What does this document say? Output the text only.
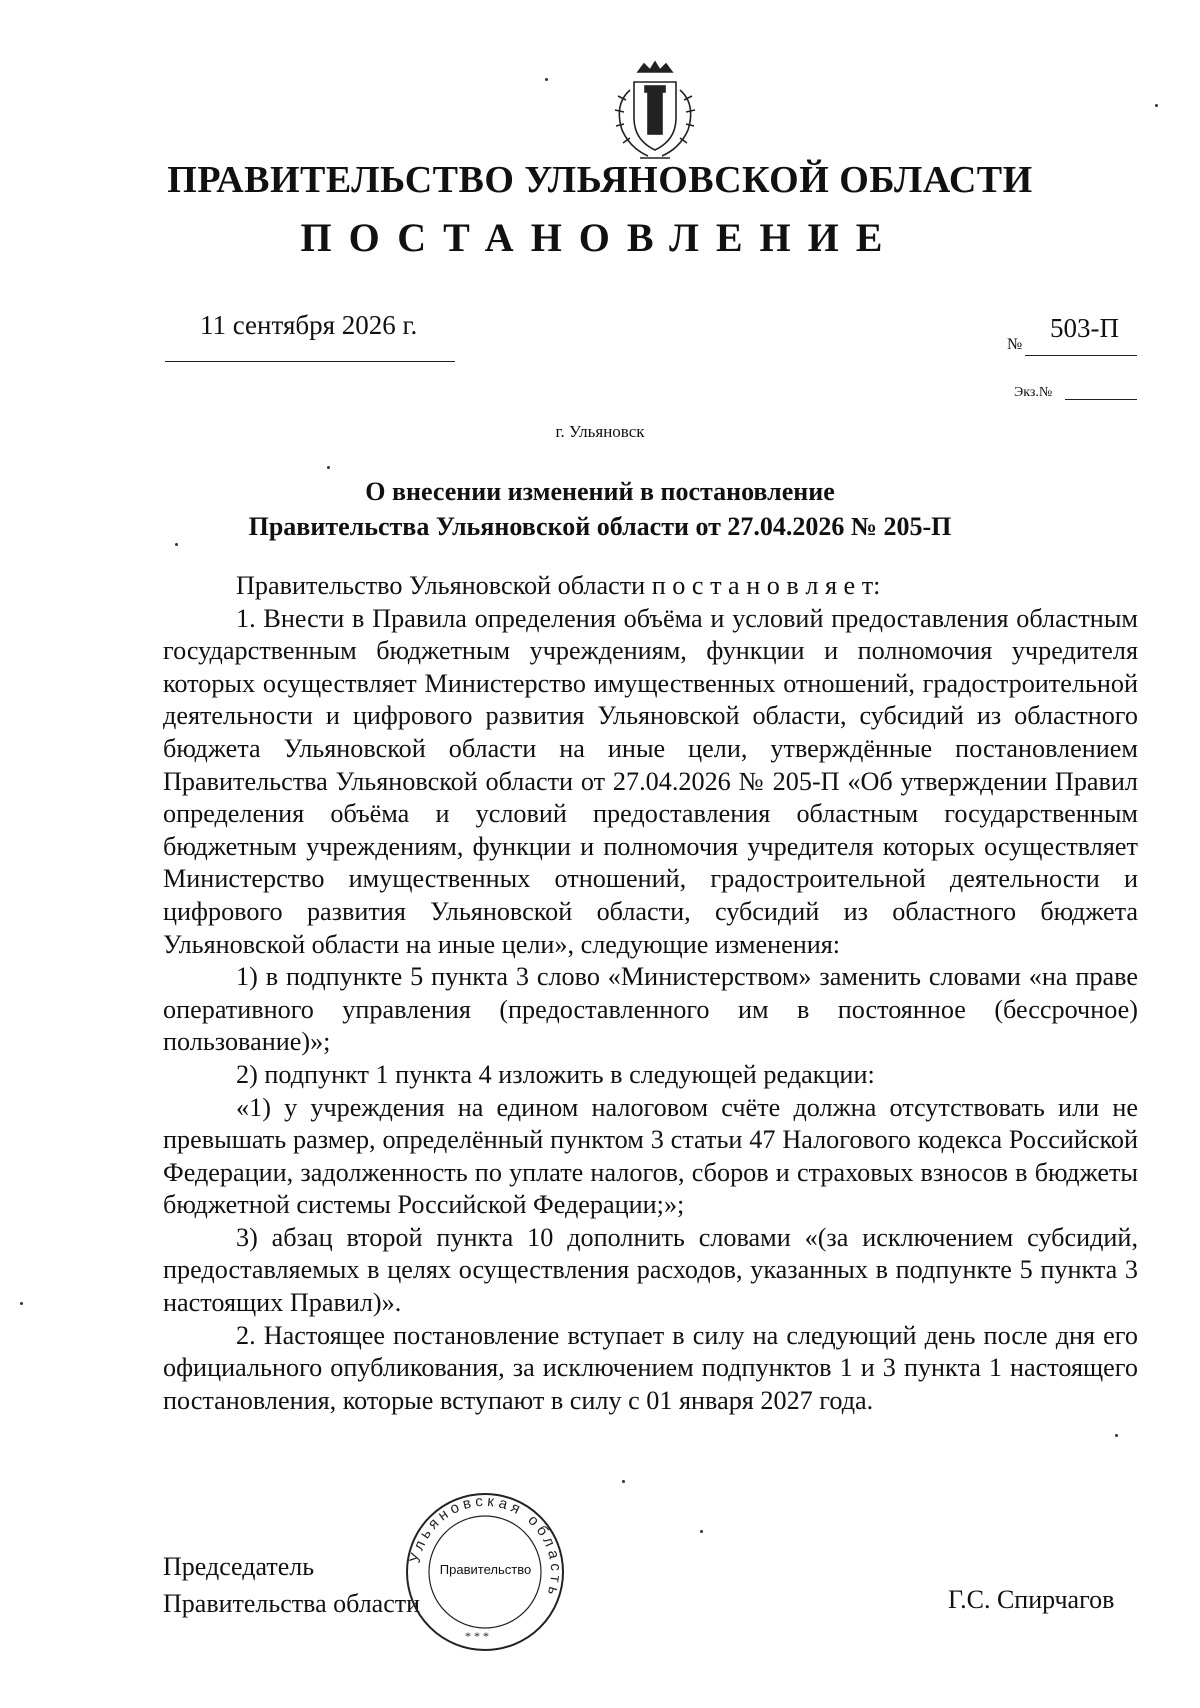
ПРАВИТЕЛЬСТВО УЛЬЯНОВСКОЙ ОБЛАСТИ
ПОСТАНОВЛЕНИЕ
11 сентября 2026 г.
№
503-П
Экз.№
г. Ульяновск
О внесении изменений в постановление
Правительства Ульяновской области от 27.04.2026 № 205-П

Правительство Ульяновской области п о с т а н о в л я е т:

1. Внести в Правила определения объёма и условий предоставления областным государственным бюджетным учреждениям, функции и полномочия учредителя которых осуществляет Министерство имущественных отношений, градостроительной деятельности и цифрового развития Ульяновской области, субсидий из областного бюджета Ульяновской области на иные цели, утверждённые постановлением Правительства Ульяновской области от 27.04.2026 № 205-П «Об утверждении Правил определения объёма и условий предоставления областным государственным бюджетным учреждениям, функции и полномочия учредителя которых осуществляет Министерство имущественных отношений, градостроительной деятельности и цифрового развития Ульяновской области, субсидий из областного бюджета Ульяновской области на иные цели», следующие изменения:

1) в подпункте 5 пункта 3 слово «Министерством» заменить словами «на праве оперативного управления (предоставленного им в постоянное (бессрочное) пользование)»;

2) подпункт 1 пункта 4 изложить в следующей редакции:

«1) у учреждения на едином налоговом счёте должна отсутствовать или не превышать размер, определённый пунктом 3 статьи 47 Налогового кодекса Российской Федерации, задолженность по уплате налогов, сборов и страховых взносов в бюджеты бюджетной системы Российской Федерации;»;

3) абзац второй пункта 10 дополнить словами «(за исключением субсидий, предоставляемых в целях осуществления расходов, указанных в подпункте 5 пункта 3 настоящих Правил)».

2. Настоящее постановление вступает в силу на следующий день после дня его официального опубликования, за исключением подпунктов 1 и 3 пункта 1 настоящего постановления, которые вступают в силу с 01 января 2027 года.

Председатель
Правительства области	Г.С. Спирчагов
Ульяновская область
* * *
Правительство
